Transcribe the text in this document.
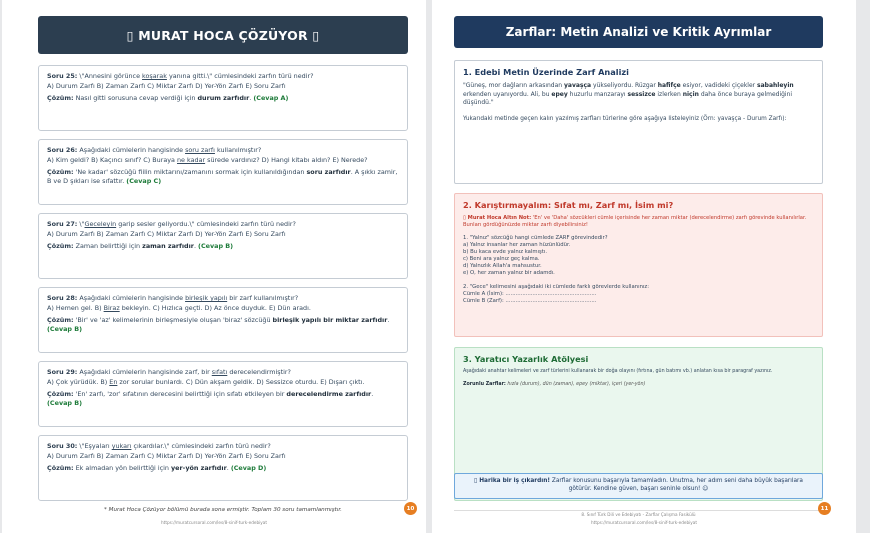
▯ MURAT HOCA ÇÖZÜYOR ▯
Soru 25: \"Annesini görünce koşarak yanına gitti.\" cümlesindeki zarfın türü nedir?
A) Durum Zarfı B) Zaman Zarfı C) Miktar Zarfı D) Yer-Yön Zarfı E) Soru Zarfı
Çözüm: Nasıl gitti sorusuna cevap verdiği için durum zarfıdır. (Cevap A)
Soru 26: Aşağıdaki cümlelerin hangisinde soru zarfı kullanılmıştır?
A) Kim geldi? B) Kaçıncı sınıf? C) Buraya ne kadar sürede vardınız? D) Hangi kitabı aldın? E) Nerede?
Çözüm: 'Ne kadar' sözcüğü fiilin miktarını/zamanını sormak için kullanıldığından soru zarfıdır. A şıkkı zamir, B ve D şıkları ise sıfattır. (Cevap C)
Soru 27: \"Geceleyin garip sesler geliyordu.\" cümlesindeki zarfın türü nedir?
A) Durum Zarfı B) Zaman Zarfı C) Miktar Zarfı D) Yer-Yön Zarfı E) Soru Zarfı
Çözüm: Zaman belirttiği için zaman zarfıdır. (Cevap B)
Soru 28: Aşağıdaki cümlelerin hangisinde birleşik yapılı bir zarf kullanılmıştır?
A) Hemen gel. B) Biraz bekleyin. C) Hızlıca geçti. D) Az önce duyduk. E) Dün aradı.
Çözüm: 'Bir' ve 'az' kelimelerinin birleşmesiyle oluşan 'biraz' sözcüğü birleşik yapılı bir miktar zarfıdır. (Cevap B)
Soru 29: Aşağıdaki cümlelerin hangisinde zarf, bir sıfatı derecelendirmiştir?
A) Çok yürüdük. B) En zor sorular bunlardı. C) Dün akşam geldik. D) Sessizce oturdu. E) Dışarı çıktı.
Çözüm: 'En' zarfı, 'zor' sıfatının derecesini belirttiği için sıfatı etkileyen bir derecelendirme zarfıdır. (Cevap B)
Soru 30: \"Eşyaları yukarı çıkardılar.\" cümlesindeki zarfın türü nedir?
A) Durum Zarfı B) Zaman Zarfı C) Miktar Zarfı D) Yer-Yön Zarfı E) Soru Zarfı
Çözüm: Ek almadan yön belirttiği için yer-yön zarfıdır. (Cevap D)
* Murat Hoca Çözüyor bölümü burada sona ermiştir. Toplam 30 soru tamamlanmıştır.
https://muratcursoral.com/les/8-sinif-turk-edebiyat
10
Zarflar: Metin Analizi ve Kritik Ayrımlar
1. Edebi Metin Üzerinde Zarf Analizi
"Güneş, mor dağların arkasından yavaşça yükseliyordu. Rüzgar hafifçe esiyor, vadideki çiçekler sabahleyin erkenden uyanıyordu. Ali, bu epey huzurlu manzarayı sessizce izlerken niçin daha önce buraya gelmediğini düşündü."
Yukarıdaki metinde geçen kalın yazılmış zarfları türlerine göre aşağıya listeleyiniz (Örn: yavaşça - Durum Zarfı):
2. Karıştırmayalım: Sıfat mı, Zarf mı, İsim mi?
▯ Murat Hoca Altın Not: 'En' ve 'Daha' sözcükleri cümle içerisinde her zaman miktar (derecelendirme) zarfı görevinde kullanılırlar. Bunları gördüğünüzde miktar zarfı diyebilirsiniz!
1. "Yalnız" sözcüğü hangi cümlede ZARF görevindedir?
a) Yalnız insanlar her zaman hüzünlüdür.
b) Bu kaca evde yalnız kalmıştı.
c) Beni ara yalnız geç kalma.
d) Yalnızlık Allah'a mahsustur.
e) O, her zaman yalnız bir adamdı.
2. "Gece" kelimesini aşağıdaki iki cümlede farklı görevlerde kullanınız:
Cümle A (İsim): ......................................................
Cümle B (Zarf): ......................................................
3. Yaratıcı Yazarlık Atölyesi
Aşağıdaki anahtar kelimeleri ve zarf türlerini kullanarak bir doğa olayını (fırtına, gün batımı vb.) anlatan kısa bir paragraf yazınız.
Zorunlu Zarflar: hızla (durum), dün (zaman), epey (miktar), içeri (yer-yön)
▯ Harika bir iş çıkardın! Zarflar konusunu başarıyla tamamladın. Unutma, her adım seni daha büyük başarılara götürür. Kendine güven, başarı seninle olsun! ☺
8. Sınıf Türk Dili ve Edebiyatı - Zarflar Çalışma Fasikülü
https://muratcursoral.com/les/8-sinif-turk-edebiyat
11
